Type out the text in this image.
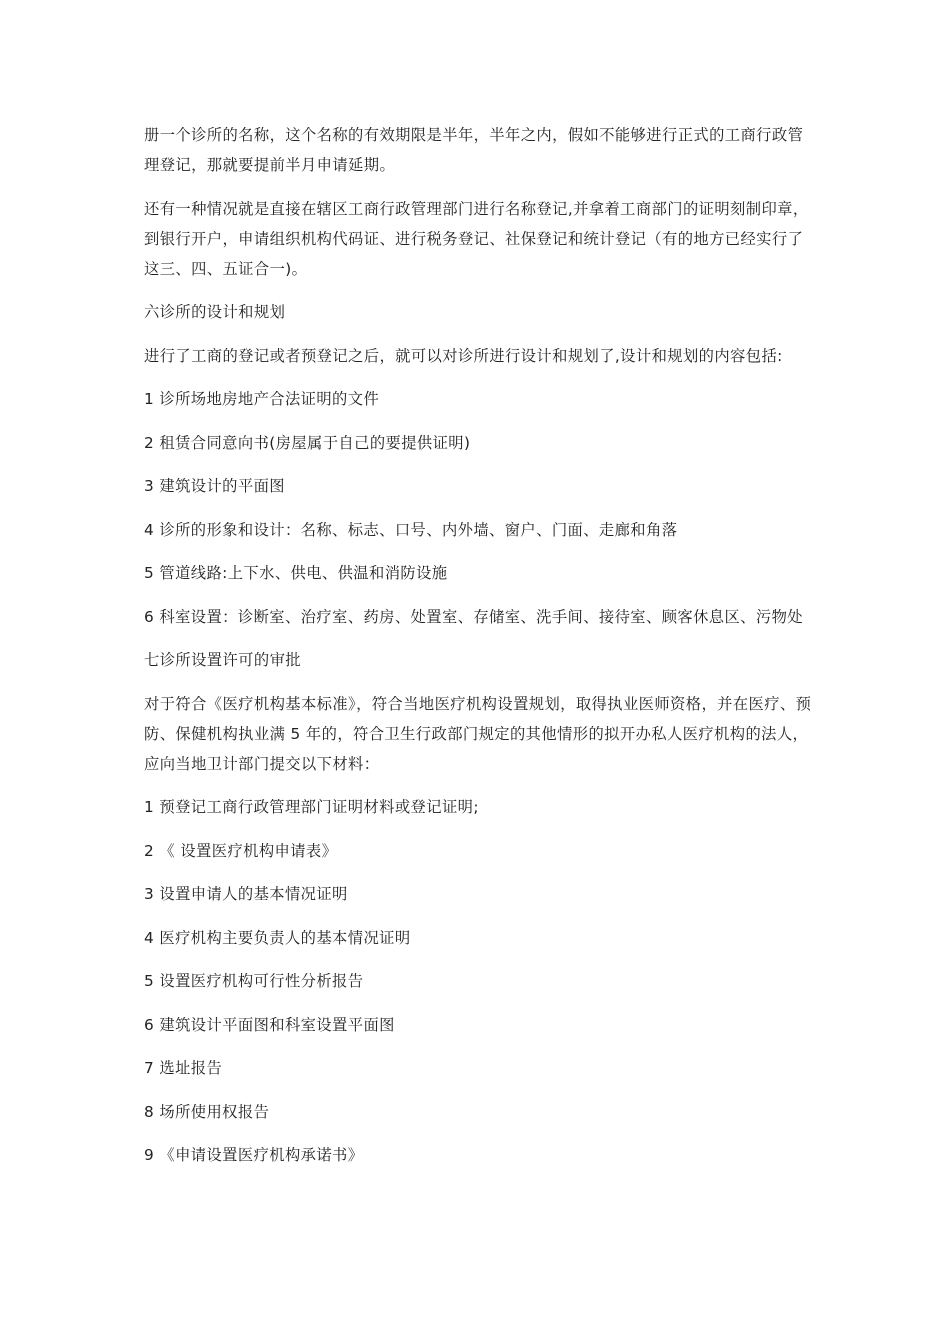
册一个诊所的名称，这个名称的有效期限是半年，半年之内，假如不能够进行正式的工商行政管理登记，那就要提前半月申请延期。

还有一种情况就是直接在辖区工商行政管理部门进行名称登记,并拿着工商部门的证明刻制印章，到银行开户，申请组织机构代码证、进行税务登记、社保登记和统计登记（有的地方已经实行了这三、四、五证合一)。

六诊所的设计和规划

进行了工商的登记或者预登记之后，就可以对诊所进行设计和规划了,设计和规划的内容包括:

1 诊所场地房地产合法证明的文件

2 租赁合同意向书(房屋属于自己的要提供证明)

3 建筑设计的平面图

4 诊所的形象和设计：名称、标志、口号、内外墙、窗户、门面、走廊和角落

5 管道线路:上下水、供电、供温和消防设施

6 科室设置：诊断室、治疗室、药房、处置室、存储室、洗手间、接待室、顾客休息区、污物处

七诊所设置许可的审批

对于符合《医疗机构基本标准》，符合当地医疗机构设置规划，取得执业医师资格，并在医疗、预防、保健机构执业满 5 年的，符合卫生行政部门规定的其他情形的拟开办私人医疗机构的法人，应向当地卫计部门提交以下材料：

1 预登记工商行政管理部门证明材料或登记证明;

2 《 设置医疗机构申请表》

3 设置申请人的基本情况证明

4 医疗机构主要负责人的基本情况证明

5 设置医疗机构可行性分析报告

6 建筑设计平面图和科室设置平面图

7 选址报告

8 场所使用权报告

9 《申请设置医疗机构承诺书》
